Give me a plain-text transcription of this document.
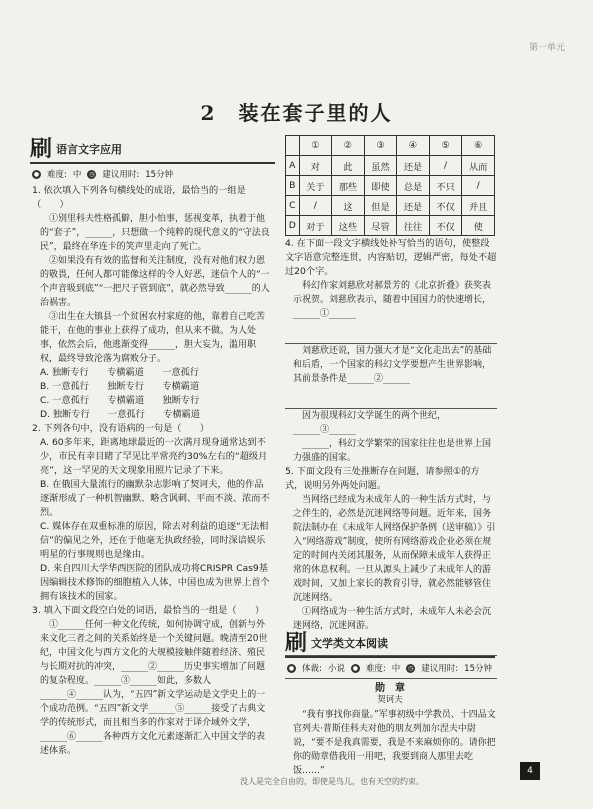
第一单元
2　装在套子里的人
刷 语言文字应用
● 难度: 中	◷ 建议用时: 15分钟

1. 依次填入下列各句横线处的成语，最恰当的一组是（　　）

①别里科夫性格孤僻，胆小怕事，惩视变革，执着于他的“套子”，______，只想做一个纯粹的现代意义的“守法良民”，最终在华连卡的笑声里走向了死亡。

②如果没有有效的监督和关注制度，没有对他们权力恩的敬畏，任何人都可能像这样的令人好恶，迷信个人的“一个声音吸到底”“一把尺子管到底”，就必然导致______的人治祸害。

③出生在大镇县一个贫困农村家庭的他，靠着自己吃苦能干，在他的事业上获得了成功，但从来不做。为人处事，依然会后，他逃渐变得______，胆大妄为，滥用职权，最终导致沦落为腐败分子。

A. 独断专行　　专横霸道　　一意孤行

B. 一意孤行　　独断专行　　专横霸道

C. 一意孤行　　专横霸道　　独断专行

D. 独断专行　　一意孤行　　专横霸道

2. 下列各句中，没有语病的一句是（　　）

A. 60多年来，距离地球最近的一次满月现身通常达到不少，市民有幸目睹了罕见比平常亮约30%左右的“超级月亮”，这一罕见的天文现象用照片记录了下来。

B. 在俄国大量流行的幽默杂志影响了契诃夫，他的作品逐渐形成了一种机智幽默、略含讽刺、平而不淡、浓而不烈。

C. 媒体存在双重标准的原因，除去对利益的追逐“无法相信”的偏见之外，还在于他毫无执政经验，同时深谙娱乐明星的行事规则也是缘由。

D. 来自四川大学华西医院的团队成功将CRISPR Cas9基因编辑技术修饰的细胞植入人体，中国也成为世界上首个拥有该技术的国家。

3. 填入下面文段空白处的词语，最恰当的一组是（　　）

①______任何一种文化传统，如何协调守成，创新与外来文化三者之间的关系始终是一个关键问题。晚清至20世纪，中国文化与西方文化的大规模接触伴随着经济、殖民与长期对抗的冲突，______②______历史事实增加了问题的复杂程度。______③______如此，多数人______④______认为，“五四”新文学运动是文学史上的一个成功范例。“五四”新文学______⑤______接受了古典文学的传统形式，而且相当多的作家对于译介域外文学，______⑥______各种西方文化元素逐渐汇入中国文学的表述体系。

	①	②	③	④	⑤	⑥
A	对	此	虽然	还是	/	从而
B	关于	那些	即使	总是	不只	/
C	/	这	但是	还是	不仅	并且
D	对于	这些	尽管	往往	不仅	使

4. 在下面一段文字横线处补写恰当的语句，使整段文字语意完整连贯，内容贴切，逻辑严密，每处不超过20个字。

科幻作家刘慈欣对郝景芳的《北京折叠》获奖表示祝贺。刘慈欣表示，随着中国国力的快速增长，______①______

刘慈欣还说，国力强大才是“文化走出去”的基础和后盾，一个国家的科幻文学要想产生世界影响，其前景条件是______②______

因为很现科幻文学诞生的两个世纪，______③______

______，科幻文学繁荣的国家往往也是世界上国力强盛的国家。

5. 下面文段有三处推断存在问题，请参照①的方式，说明另外两处问题。

当网络已经成为未成年人的一种生活方式时，与之伴生的，必然是沉迷网络等问题。近年来，国务院法制办在《未成年人网络保护条例（送审稿）》引入“网络游戏”制度，使所有网络游戏企业必须在规定的时间内关闭其服务，从而保障未成年人获得正常的休息权利。一旦从源头上减少了未成年人的游戏时间，又加上家长的教育引导，就必然能够管住沉迷网络。

①网络成为一种生活方式时，未成年人未必会沉迷网络，沉迷网游。

刷 文学类文本阅读
● 体裁: 小说	● 难度: 中	◷ 建议用时: 15分钟
勋　章
契诃夫

“我有事找你商量。”军事初级中学教员、十四品文官列夫·普斯佳科夫对他的朋友列加尔涅夫中尉说，“要不是我真需要，我是不来麻烦你的。请你把你的勋章借我用一用吧，我要到商人那里去吃饭……”

没人是完全自由的，即使是鸟儿，也有天空的约束。
4
